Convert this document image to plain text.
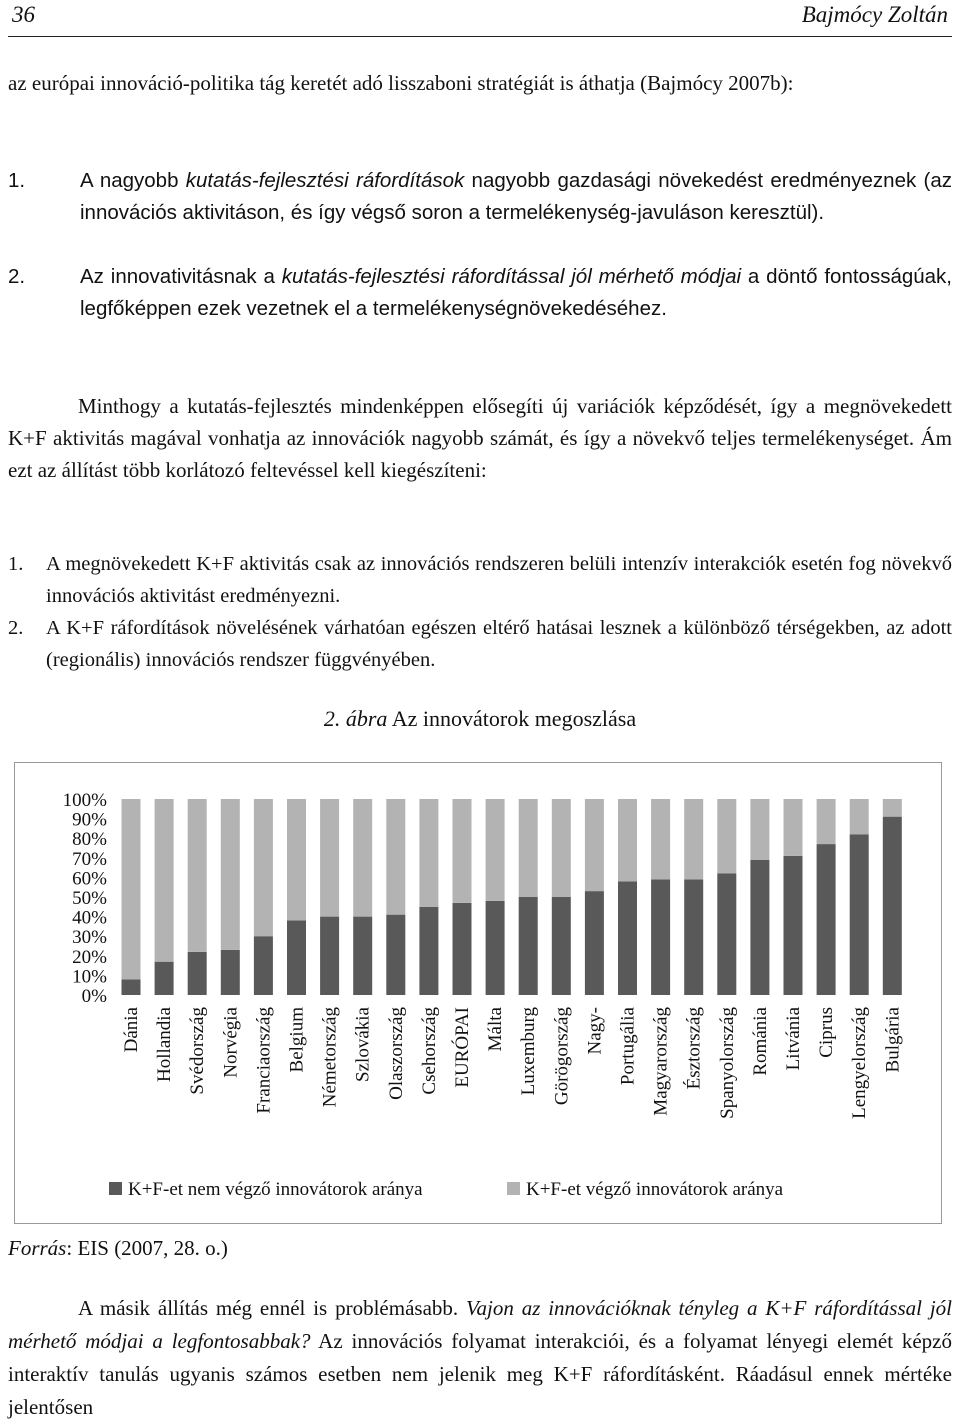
36	Bajmócy Zoltán
az európai innováció-politika tág keretét adó lisszaboni stratégiát is áthatja (Bajmócy 2007b):
1.	A nagyobb kutatás-fejlesztési ráfordítások nagyobb gazdasági növekedést eredményeznek (az innovációs aktivitáson, és így végső soron a termelékenység-javuláson keresztül).
2.	Az innovativitásnak a kutatás-fejlesztési ráfordítással jól mérhető módjai a döntő fontosságúak, legfőképpen ezek vezetnek el a termelékenységnövekedéséhez.
Minthogy a kutatás-fejlesztés mindenképpen elősegíti új variációk képződését, így a megnövekedett K+F aktivitás magával vonhatja az innovációk nagyobb számát, és így a növekvő teljes termelékenységet. Ám ezt az állítást több korlátozó feltevéssel kell kiegészíteni:
1. A megnövekedett K+F aktivitás csak az innovációs rendszeren belüli intenzív interakciók esetén fog növekvő innovációs aktivitást eredményezni.
2. A K+F ráfordítások növelésének várhatóan egészen eltérő hatásai lesznek a különböző térségekben, az adott (regionális) innovációs rendszer függvényében.
2. ábra Az innovátorok megoszlása
100%
90%
80%
70%
60%
50%
40%
30%
20%
10%
0%
Dánia Hollandia Svédország Norvégia Franciaország Belgium Németország Szlovákia Olaszország Csehország EURÓPAI Málta Luxemburg Görögország Nagy- Portugália Magyarország Észtország Spanyolország Románia Litvánia Ciprus Lengyelország Bulgária
K+F-et nem végző innovátorok aránya	K+F-et végző innovátorok aránya
Forrás: EIS (2007, 28. o.)
A másik állítás még ennél is problémásabb. Vajon az innovációknak tényleg a K+F ráfordítással jól mérhető módjai a legfontosabbak? Az innovációs folyamat interakciói, és a folyamat lényegi elemét képző interaktív tanulás ugyanis számos esetben nem jelenik meg K+F ráfordításként. Ráadásul ennek mértéke jelentősen
